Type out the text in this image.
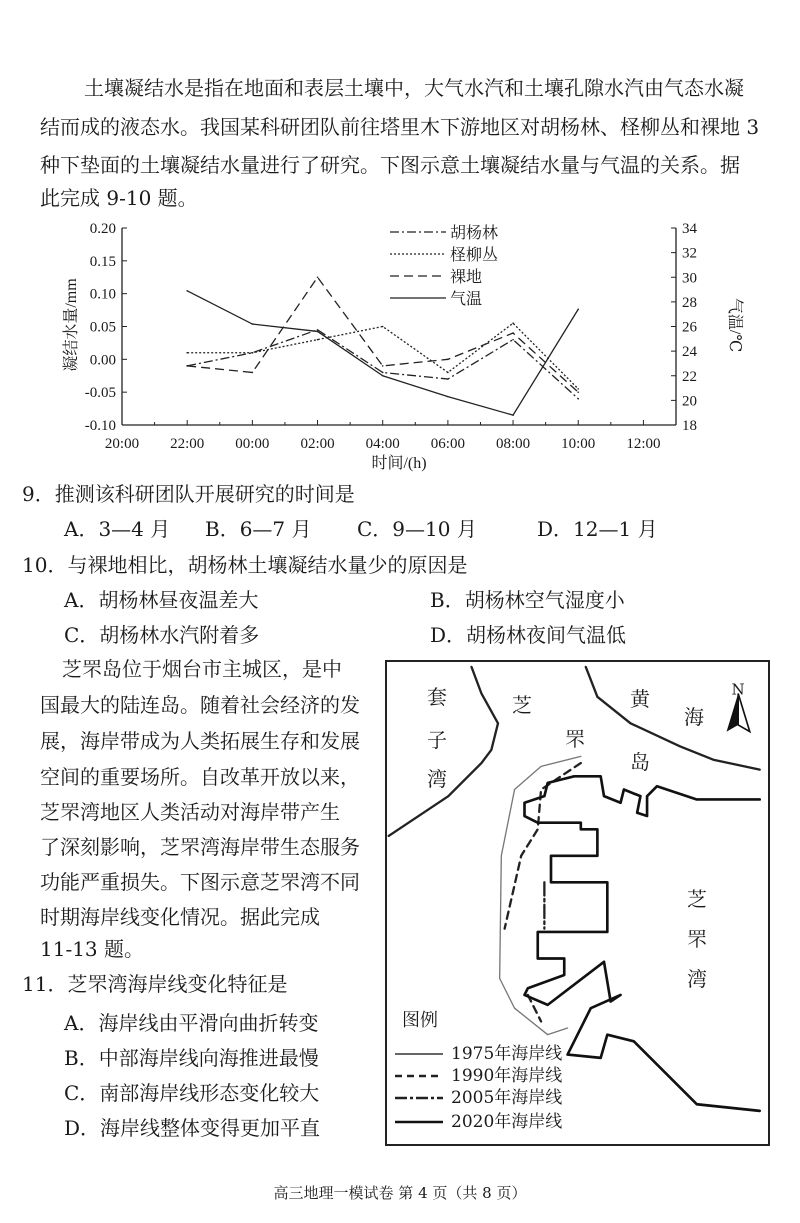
土壤凝结水是指在地面和表层土壤中，大气水汽和土壤孔隙水汽由气态水凝
结而成的液态水。我国某科研团队前往塔里木下游地区对胡杨林、柽柳丛和裸地 3
种下垫面的土壤凝结水量进行了研究。下图示意土壤凝结水量与气温的关系。据
此完成 9-10 题。
20:00 22:00 00:00 02:00 04:00 06:00 08:00 10:00 12:00
0.20
0.15
0.10
0.05
0.00
-0.05
-0.10
34
32
30
28
26
24
22
20
18
胡杨林
柽柳丛
裸地
气温
时间/(h)
凝结水量/mm	气温/℃
9．推测该科研团队开展研究的时间是
A．3—4 月 B．6—7 月 C．9—10 月	D．12—1 月
10．与裸地相比，胡杨林土壤凝结水量少的原因是
A．胡杨林昼夜温差大	B．胡杨林空气湿度小
C．胡杨林水汽附着多	D．胡杨林夜间气温低
芝罘岛位于烟台市主城区，是中
国最大的陆连岛。随着社会经济的发
展，海岸带成为人类拓展生存和发展
空间的重要场所。自改革开放以来，
芝罘湾地区人类活动对海岸带产生
了深刻影响，芝罘湾海岸带生态服务
功能严重损失。下图示意芝罘湾不同
时期海岸线变化情况。据此完成
11-13 题。
11．芝罘湾海岸线变化特征是
A．海岸线由平滑向曲折转变
B．中部海岸线向海推进最慢
C．南部海岸线形态变化较大
D．海岸线整体变得更加平直
套
子
湾
芝
罘
黄
岛
海
芝
罘
湾
N
图例
1975年海岸线
1990年海岸线
2005年海岸线
2020年海岸线
高三地理一模试卷 第 4 页（共 8 页）
